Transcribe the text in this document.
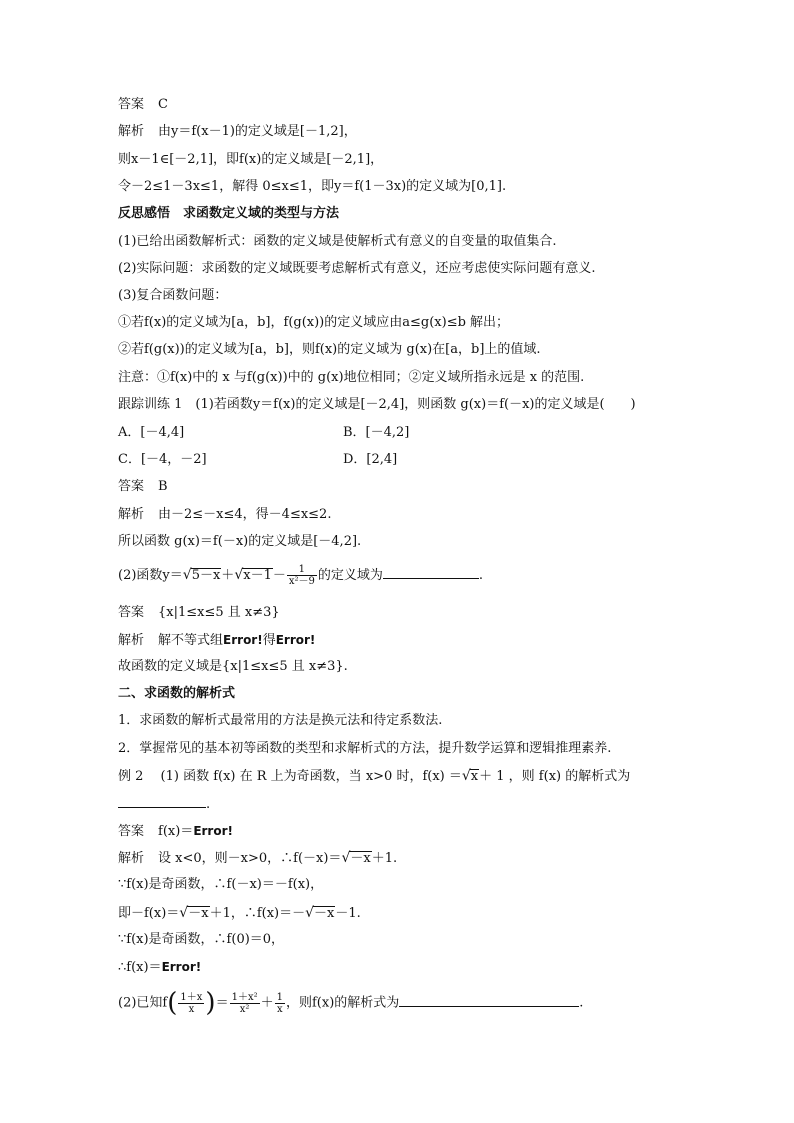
答案 C
解析 由y＝f(x－1)的定义域是[－1,2]，
则x－1∈[－2,1]，即f(x)的定义域是[－2,1]，
令－2≤1－3x≤1，解得 0≤x≤1，即y＝f(1－3x)的定义域为[0,1].
反思感悟　求函数定义域的类型与方法
(1)已给出函数解析式：函数的定义域是使解析式有意义的自变量的取值集合.
(2)实际问题：求函数的定义域既要考虑解析式有意义，还应考虑使实际问题有意义.
(3)复合函数问题：
①若f(x)的定义域为[a，b]，f(g(x))的定义域应由a≤g(x)≤b 解出；
②若f(g(x))的定义域为[a，b]，则f(x)的定义域为 g(x)在[a，b]上的值域.
注意：①f(x)中的 x 与f(g(x))中的 g(x)地位相同；②定义域所指永远是 x 的范围.
跟踪训练 1　(1)若函数y＝f(x)的定义域是[－2,4]，则函数 g(x)＝f(－x)的定义域是(　　)
A．[－4,4]	B．[－4,2]
C．[－4，－2]	D．[2,4]
答案 B
解析 由－2≤－x≤4，得－4≤x≤2.
所以函数 g(x)＝f(－x)的定义域是[－4,2].
(2)函数$y=√5-x+√x-1- \frac{1}{\text{x²－9}}$ 的定义域为	.
答案 {x|1≤x≤5 且 x≠3}
解析 解不等式组Error!得Error!
故函数的定义域是{x|1≤x≤5 且 x≠3}.
二、求函数的解析式
1．求函数的解析式最常用的方法是换元法和待定系数法.
2．掌握常见的基本初等函数的类型和求解析式的方法，提升数学运算和逻辑推理素养.
例 2　 (1) 函数 f(x) 在 R 上为奇函数，当 x>0 时，f(x) ＝√x＋ 1 ，则 f(x) 的解析式为
.
答案 f(x)＝Error!
解析 设 x<0，则－x>0，∴f(－x)＝√－x＋1.
∵f(x)是奇函数，∴f(－x)＝－f(x)，
即－f(x)＝√－x＋1，∴f(x)＝－√－x－1.
∵f(x)是奇函数，∴f(0)＝0，
∴f(x)＝Error!
(2)已知$f( \frac{1+x}{x}$ )＝ $\frac{\text{1＋x²}}{\text{x²}} + \frac{1}{x}$ ，则f(x)的解析式为	.
